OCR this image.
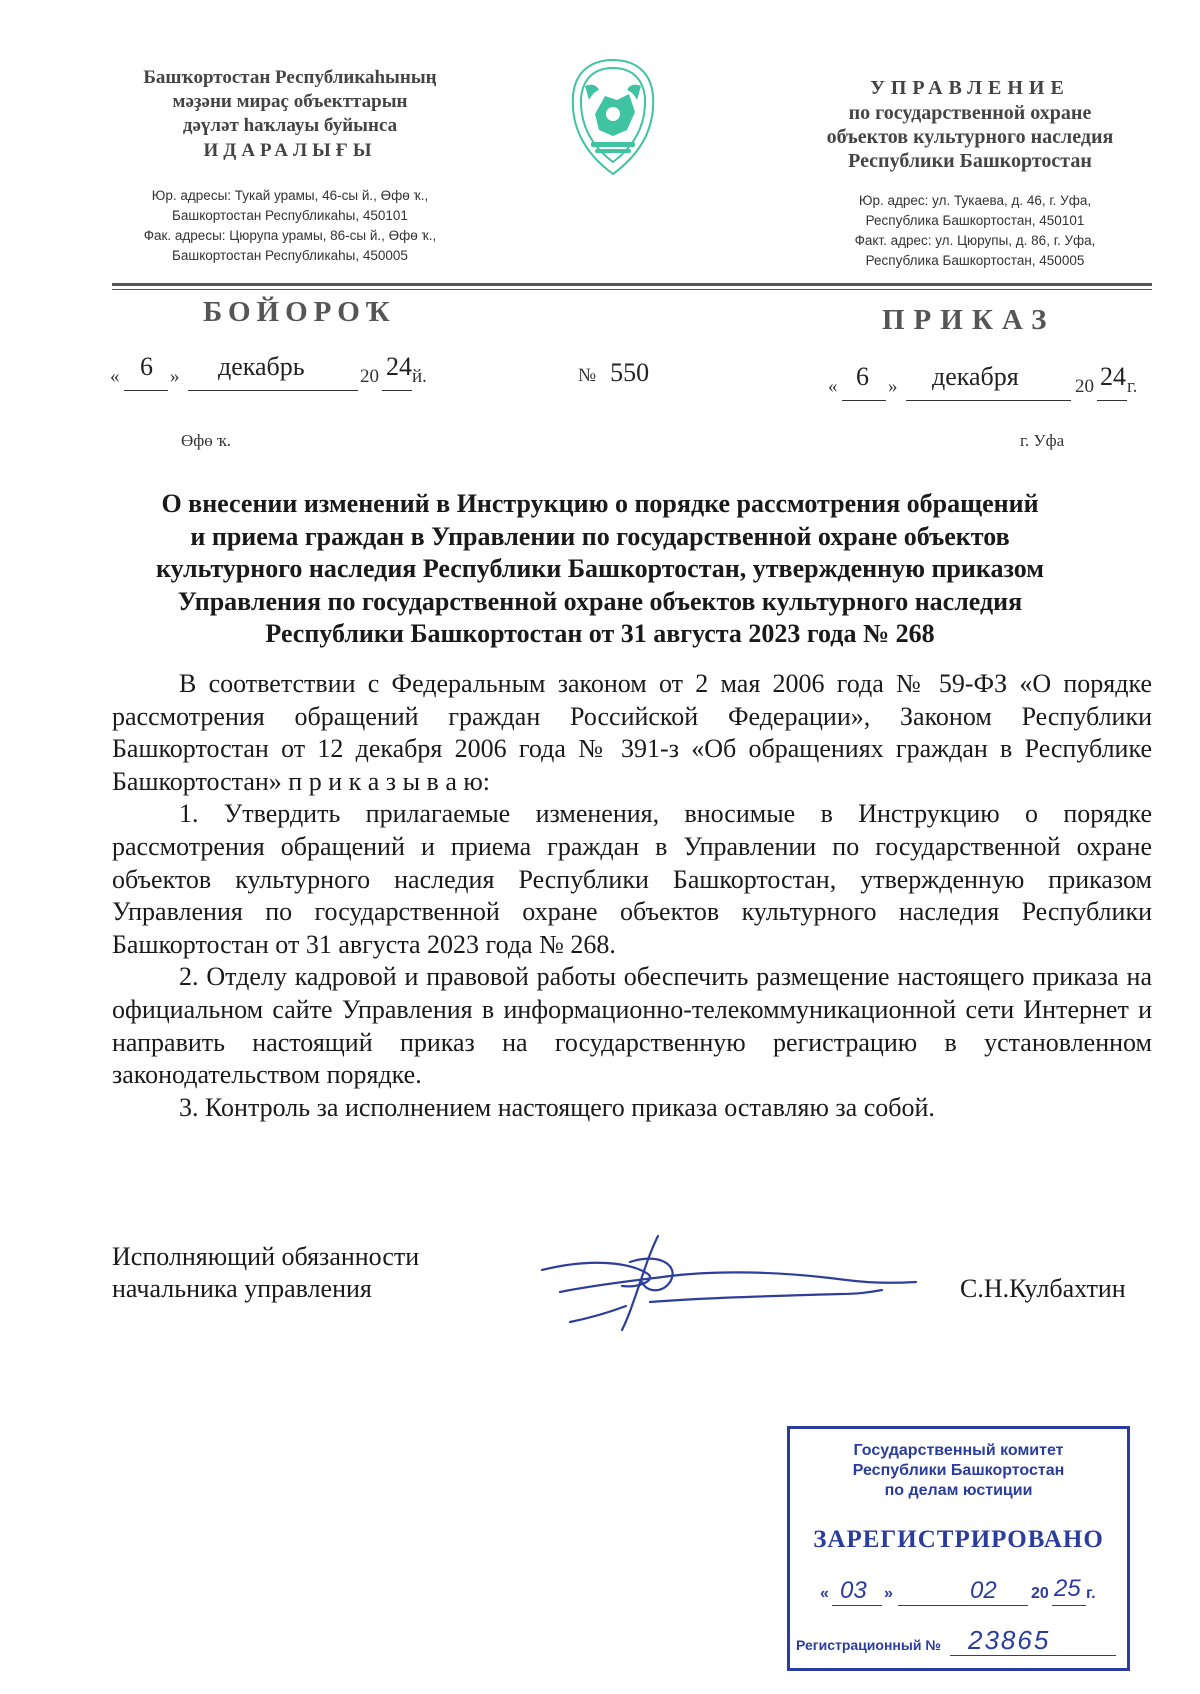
Башҡортостан Республикаһының
мәҙәни мираҫ объекттарын
дәүләт һаҡлауы буйынса
ИДАРАЛЫҒЫ
Юр. адресы: Тукай урамы, 46-сы й., Өфө ҡ.,
Башкортостан Республикаһы, 450101
Фак. адресы: Цюрупа урамы, 86-сы й., Өфө ҡ.,
Башкортостан Республикаһы, 450005
УПРАВЛЕНИЕ
по государственной охране
объектов культурного наследия
Республики Башкортостан
Юр. адрес: ул. Тукаева, д. 46, г. Уфа,
Республика Башкортостан, 450101
Факт. адрес: ул. Цюрупы, д. 86, г. Уфа,
Республика Башкортостан, 450005
БОЙОРОҠ	ПРИКАЗ
« 6 » декабрь	20 24 й.	№ 550	« 6 » декабря	20 24 г.
Өфө ҡ.	г. Уфа
О внесении изменений в Инструкцию о порядке рассмотрения обращений
и приема граждан в Управлении по государственной охране объектов
культурного наследия Республики Башкортостан, утвержденную приказом
Управления по государственной охране объектов культурного наследия
Республики Башкортостан от 31 августа 2023 года № 268

В соответствии с Федеральным законом от 2 мая 2006 года № 59-ФЗ «О порядке рассмотрения обращений граждан Российской Федерации», Законом Республики Башкортостан от 12 декабря 2006 года № 391-з «Об обращениях граждан в Республике Башкортостан» п р и к а з ы в а ю:

1. Утвердить прилагаемые изменения, вносимые в Инструкцию о порядке рассмотрения обращений и приема граждан в Управлении по государственной охране объектов культурного наследия Республики Башкортостан, утвержденную приказом Управления по государственной охране объектов культурного наследия Республики Башкортостан от 31 августа 2023 года № 268.

2. Отделу кадровой и правовой работы обеспечить размещение настоящего приказа на официальном сайте Управления в информационно-телекоммуникационной сети Интернет и направить настоящий приказ на государственную регистрацию в установленном законодательством порядке.

3. Контроль за исполнением настоящего приказа оставляю за собой.

Исполняющий обязанности
начальника управления	С.Н.Кулбахтин
Государственный комитет
Республики Башкортостан
по делам юстиции
ЗАРЕГИСТРИРОВАНО
« 03 »	02 20 25 г.
Регистрационный № 23865
